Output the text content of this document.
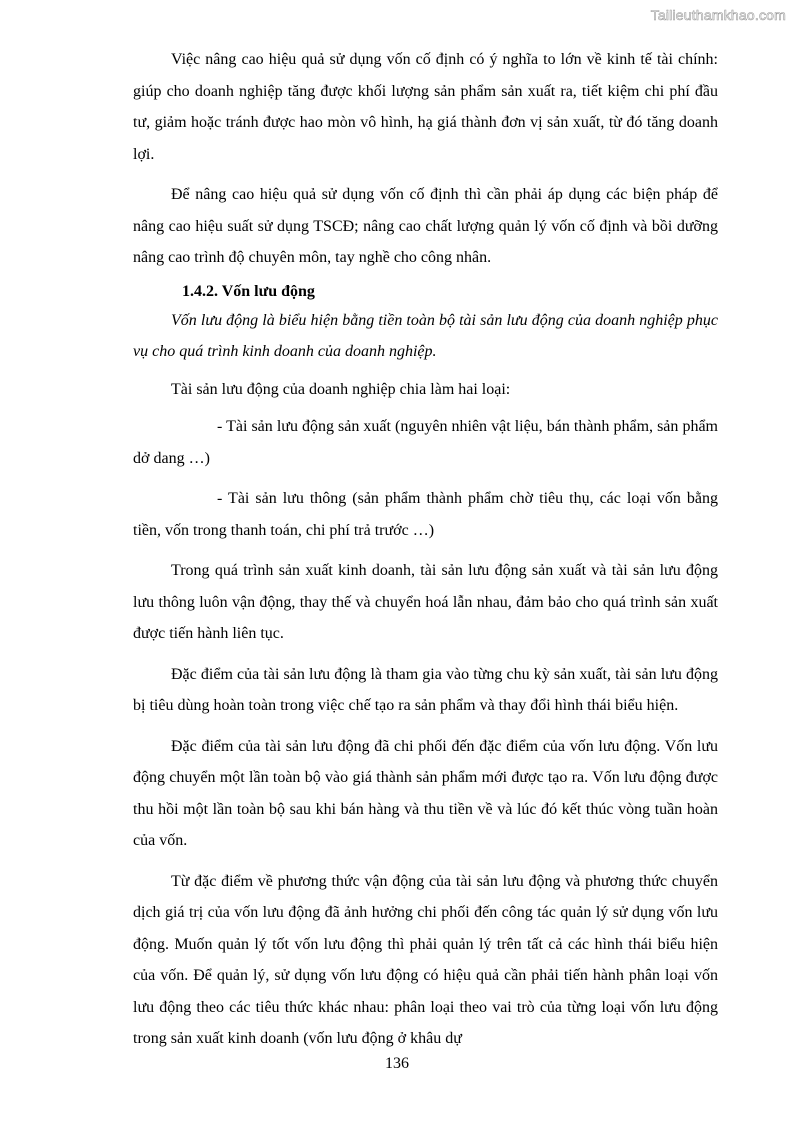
Tailieuthamkhao.com

Việc nâng cao hiệu quả sử dụng vốn cố định có ý nghĩa to lớn về kinh tế tài chính: giúp cho doanh nghiệp tăng được khối lượng sản phẩm sản xuất ra, tiết kiệm chi phí đầu tư, giảm hoặc tránh được hao mòn vô hình, hạ giá thành đơn vị sản xuất, từ đó tăng doanh lợi.

Để nâng cao hiệu quả sử dụng vốn cố định thì cần phải áp dụng các biện pháp để nâng cao hiệu suất sử dụng TSCĐ; nâng cao chất lượng quản lý vốn cố định và bồi dưỡng nâng cao trình độ chuyên môn, tay nghề cho công nhân.

1.4.2. Vốn lưu động

Vốn lưu động là biểu hiện bằng tiền toàn bộ tài sản lưu động của doanh nghiệp phục vụ cho quá trình kinh doanh của doanh nghiệp.

Tài sản lưu động của doanh nghiệp chia làm hai loại:

- Tài sản lưu động sản xuất (nguyên nhiên vật liệu, bán thành phẩm, sản phẩm dở dang …)

- Tài sản lưu thông (sản phẩm thành phẩm chờ tiêu thụ, các loại vốn bằng tiền, vốn trong thanh toán, chi phí trả trước …)

Trong quá trình sản xuất kinh doanh, tài sản lưu động sản xuất và tài sản lưu động lưu thông luôn vận động, thay thế và chuyển hoá lẫn nhau, đảm bảo cho quá trình sản xuất được tiến hành liên tục.

Đặc điểm của tài sản lưu động là tham gia vào từng chu kỳ sản xuất, tài sản lưu động bị tiêu dùng hoàn toàn trong việc chế tạo ra sản phẩm và thay đổi hình thái biểu hiện.

Đặc điểm của tài sản lưu động đã chi phối đến đặc điểm của vốn lưu động. Vốn lưu động chuyển một lần toàn bộ vào giá thành sản phẩm mới được tạo ra. Vốn lưu động được thu hồi một lần toàn bộ sau khi bán hàng và thu tiền về và lúc đó kết thúc vòng tuần hoàn của vốn.

Từ đặc điểm về phương thức vận động của tài sản lưu động và phương thức chuyển dịch giá trị của vốn lưu động đã ảnh hưởng chi phối đến công tác quản lý sử dụng vốn lưu động. Muốn quản lý tốt vốn lưu động thì phải quản lý trên tất cả các hình thái biểu hiện của vốn. Để quản lý, sử dụng vốn lưu động có hiệu quả cần phải tiến hành phân loại vốn lưu động theo các tiêu thức khác nhau: phân loại theo vai trò của từng loại vốn lưu động trong sản xuất kinh doanh (vốn lưu động ở khâu dự

136
